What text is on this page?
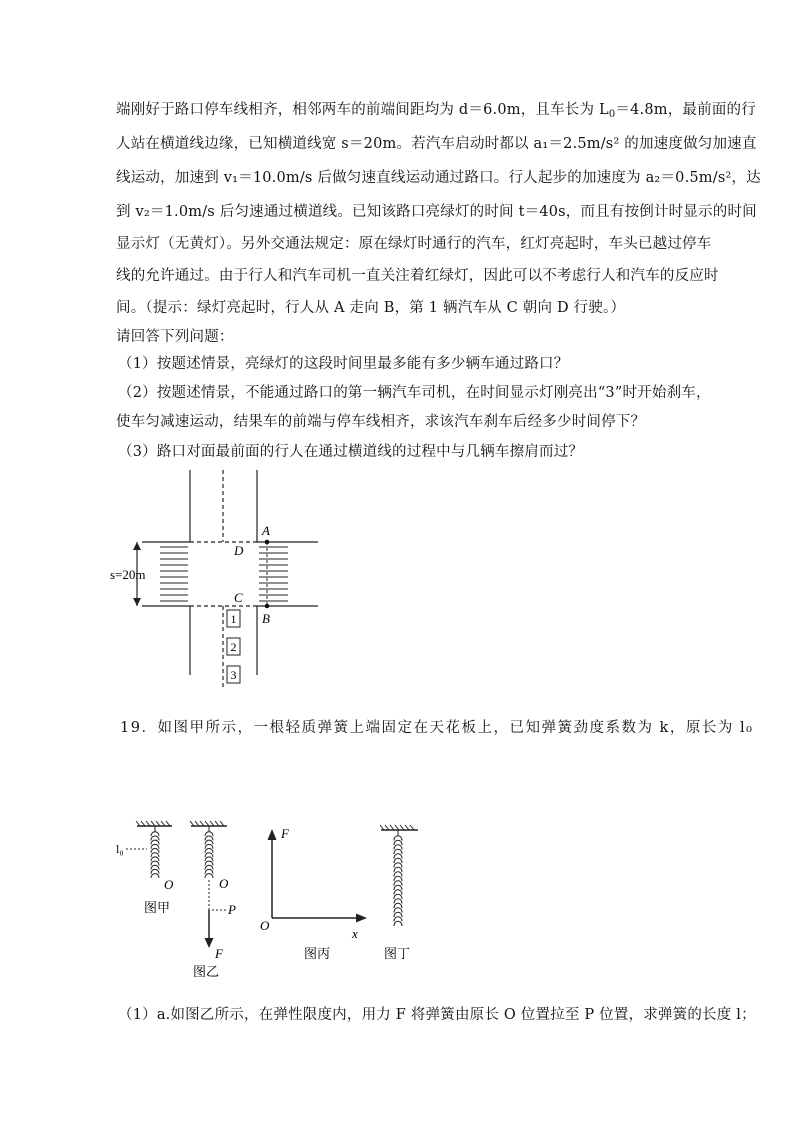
端刚好于路口停车线相齐，相邻两车的前端间距均为 d＝6.0m，且车长为 $L_0=4.8m$，最前面的行
人站在横道线边缘，已知横道线宽 s＝20m。若汽车启动时都以 a₁＝2.5m/s² 的加速度做匀加速直
线运动，加速到 v₁＝10.0m/s 后做匀速直线运动通过路口。行人起步的加速度为 a₂＝0.5m/s²，达
到 v₂＝1.0m/s 后匀速通过横道线。已知该路口亮绿灯的时间 t＝40s，而且有按倒计时显示的时间
显示灯（无黄灯）。另外交通法规定：原在绿灯时通行的汽车，红灯亮起时，车头已越过停车
线的允许通过。由于行人和汽车司机一直关注着红绿灯，因此可以不考虑行人和汽车的反应时
间。（提示：绿灯亮起时，行人从 A 走向 B，第 1 辆汽车从 C 朝向 D 行驶。）
请回答下列问题：
（1）按题述情景，亮绿灯的这段时间里最多能有多少辆车通过路口？
（2）按题述情景，不能通过路口的第一辆汽车司机，在时间显示灯刚亮出“3”时开始刹车，
使车匀减速运动，结果车的前端与停车线相齐，求该汽车刹车后经多少时间停下？
（3）路口对面最前面的行人在通过横道线的过程中与几辆车擦肩而过？
1
2
3
A
D
C
B
s=20m
19．如图甲所示，一根轻质弹簧上端固定在天花板上，已知弹簧劲度系数为 k，原长为 l₀
l₀
O
图甲
O
P
F
图乙
F
O
x
图丙	图丁
（1）a.如图乙所示，在弹性限度内，用力 F 将弹簧由原长 O 位置拉至 P 位置，求弹簧的长度 l；
